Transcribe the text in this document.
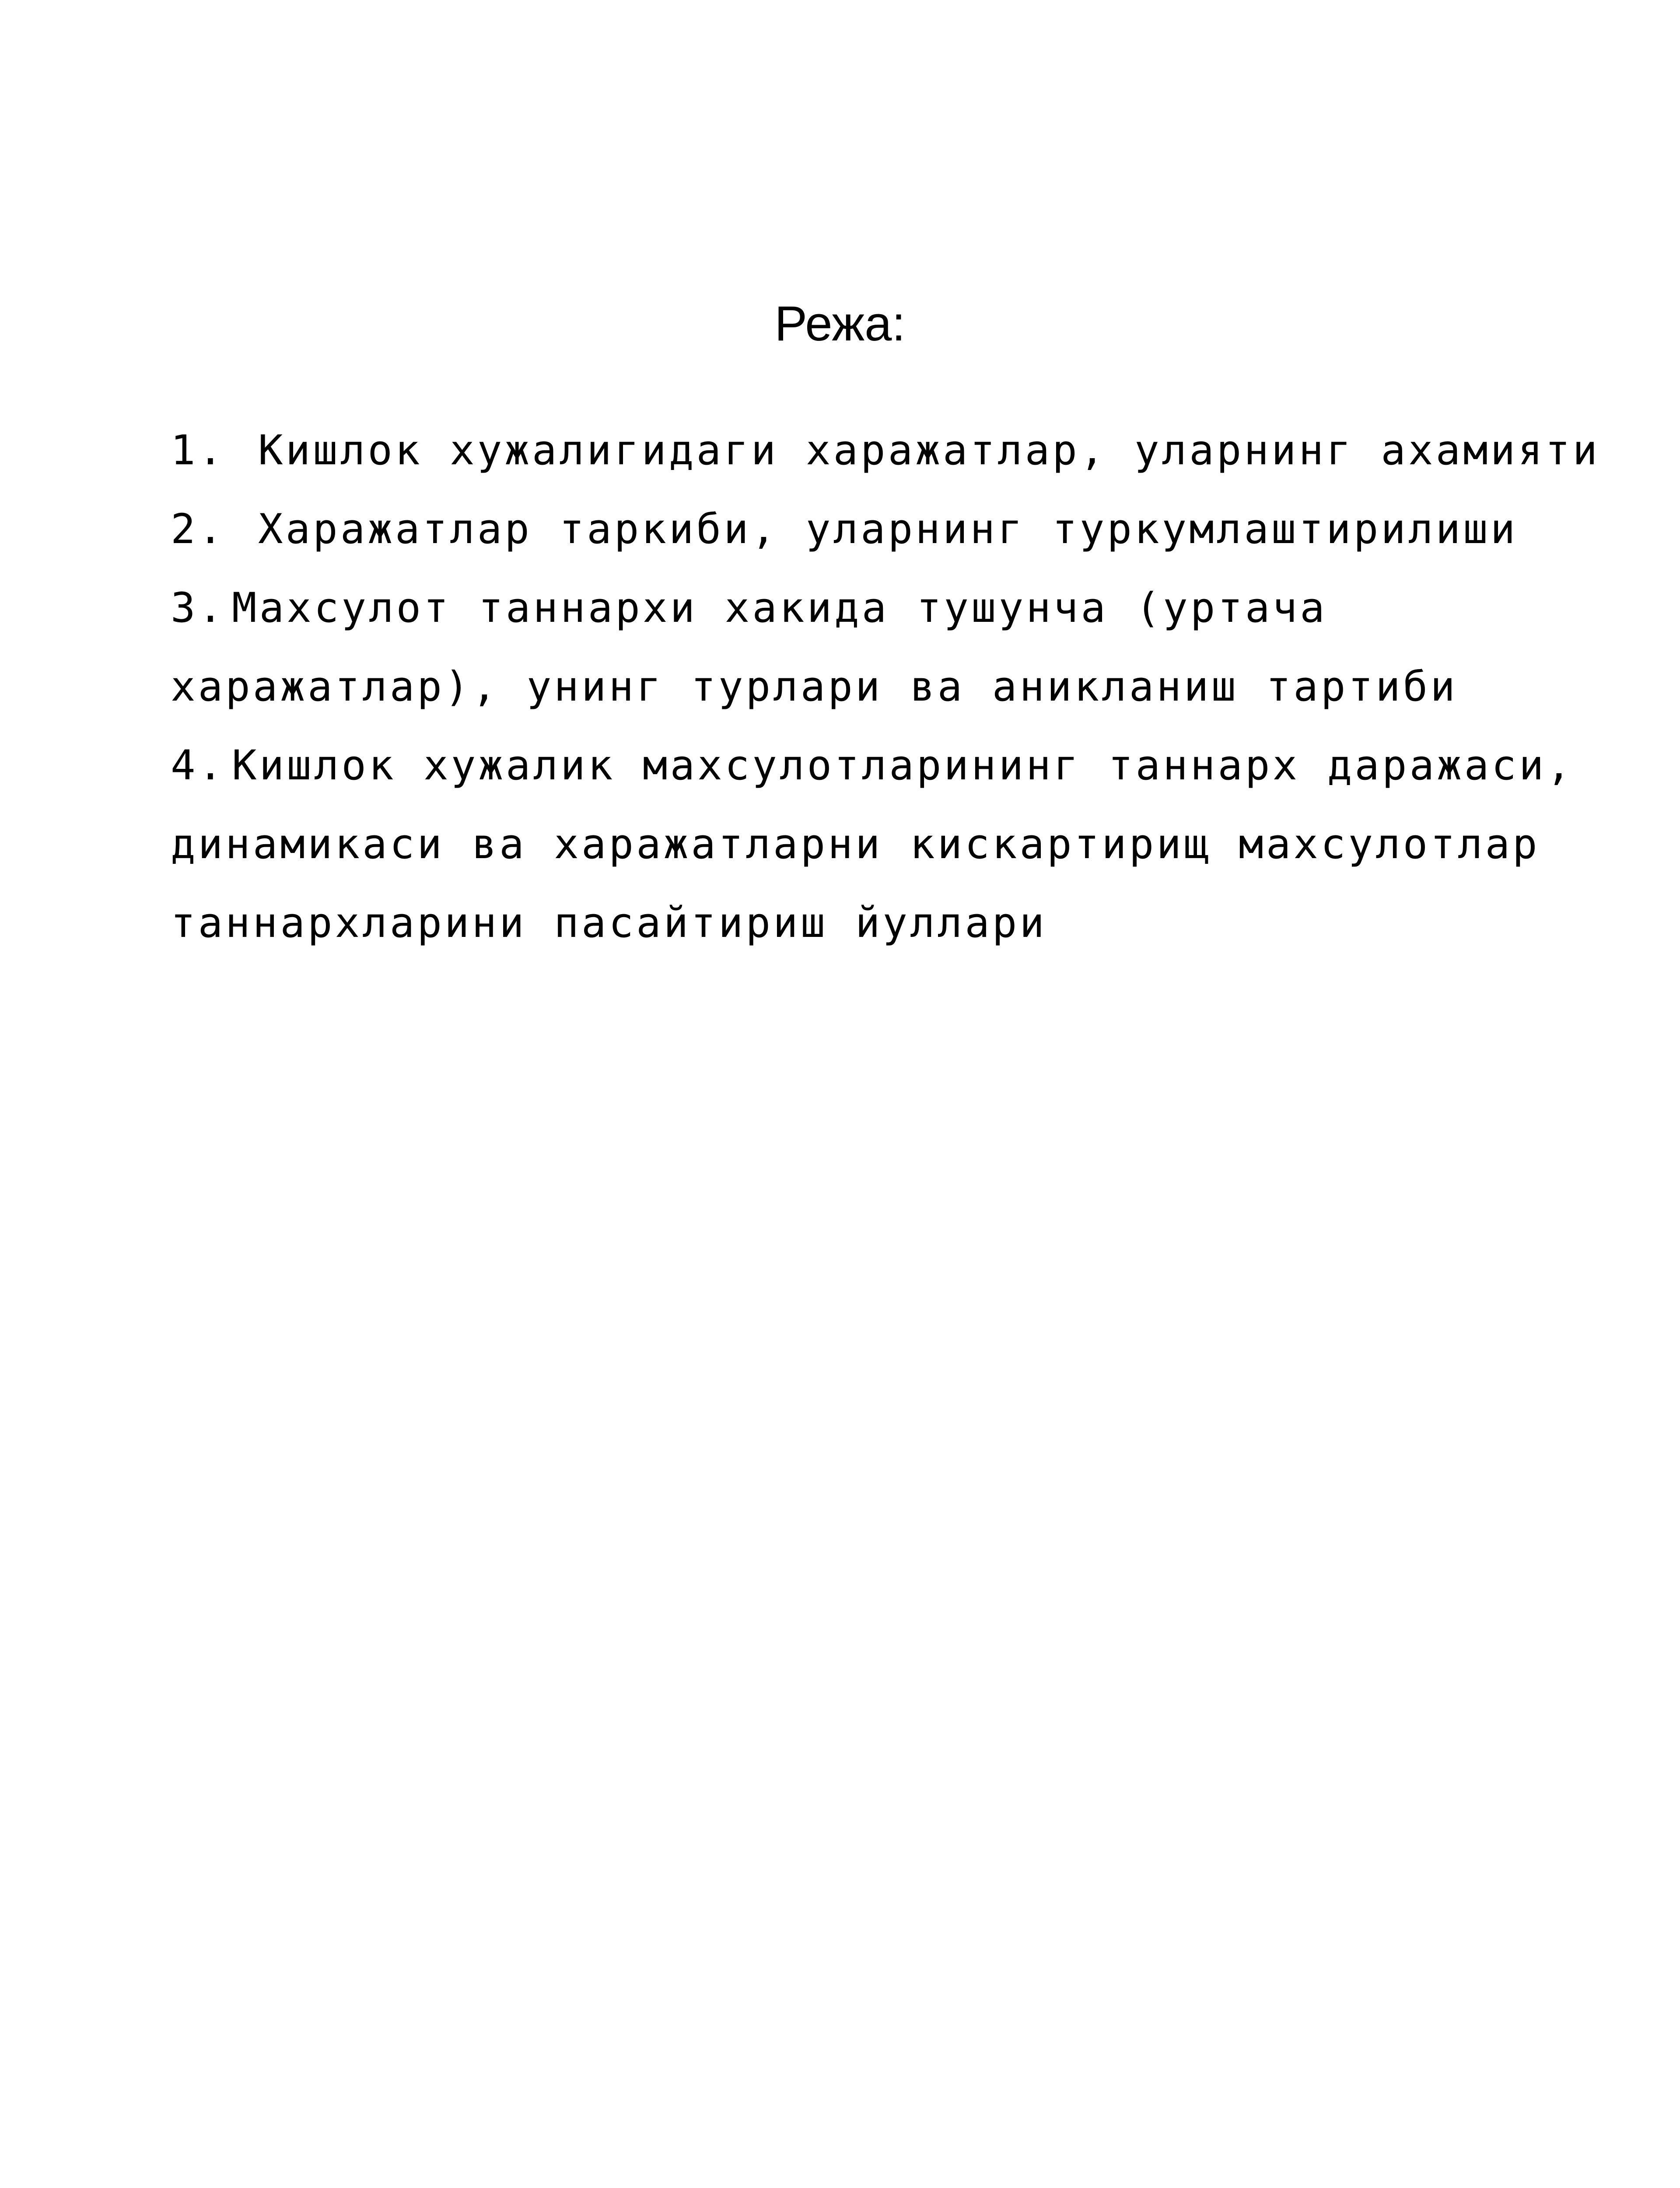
Режа:
1. Кишлок хужалигидаги харажатлар, уларнинг ахамияти
2. Харажатлар таркиби, уларнинг туркумлаштирилиши
3. Махсулот таннархи хакида тушунча (уртача харажатлар), унинг турлари ва аникланиш тартиби
4. Кишлок хужалик махсулотларининг таннарх даражаси, динамикаси ва харажатларни кискартирищ махсулотлар таннархларини пасайтириш йуллари
